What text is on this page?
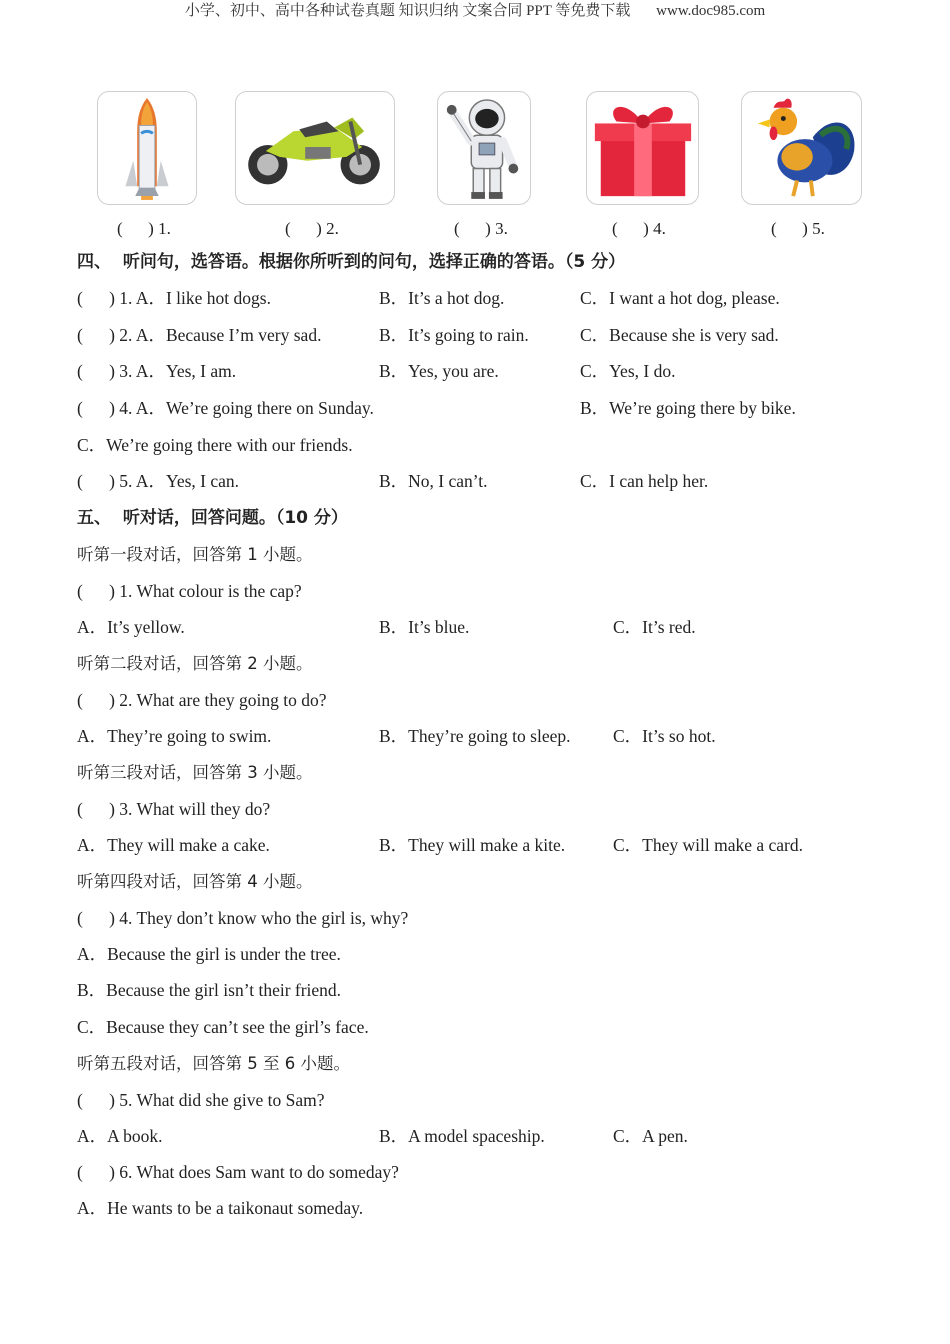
小学、初中、高中各种试卷真题 知识归纳 文案合同 PPT 等免费下载 www.doc985.com
(      ) 1.	(      ) 2.	(      ) 3.	(      ) 4.	(      ) 5.
四、  听问句，选答语。根据你所听到的问句，选择正确的答语。（5 分）
(      ) 1. A．I like hot dogs.	B．It’s a hot dog.	C．I want a hot dog, please.
(      ) 2. A．Because I’m very sad.	B．It’s going to rain.	C．Because she is very sad.
(      ) 3. A．Yes, I am.	B．Yes, you are.	C．Yes, I do.
(      ) 4. A．We’re going there on Sunday.	B．We’re going there by bike.
C．We’re going there with our friends.
(      ) 5. A．Yes, I can.	B．No, I can’t.	C．I can help her.
五、  听对话，回答问题。（10 分）
听第一段对话，回答第 1 小题。
(      ) 1. What colour is the cap?
A．It’s yellow.	B．It’s blue.	C．It’s red.
听第二段对话，回答第 2 小题。
(      ) 2. What are they going to do?
A．They’re going to swim.	B．They’re going to sleep. C．It’s so hot.
听第三段对话，回答第 3 小题。
(      ) 3. What will they do?
A．They will make a cake.	B．They will make a kite.	C．They will make a card.
听第四段对话，回答第 4 小题。
(      ) 4. They don’t know who the girl is, why?
A．Because the girl is under the tree.
B．Because the girl isn’t their friend.
C．Because they can’t see the girl’s face.
听第五段对话，回答第 5 至 6 小题。
(      ) 5. What did she give to Sam?
A．A book.	B．A model spaceship.	C．A pen.
(      ) 6. What does Sam want to do someday?
A．He wants to be a taikonaut someday.
